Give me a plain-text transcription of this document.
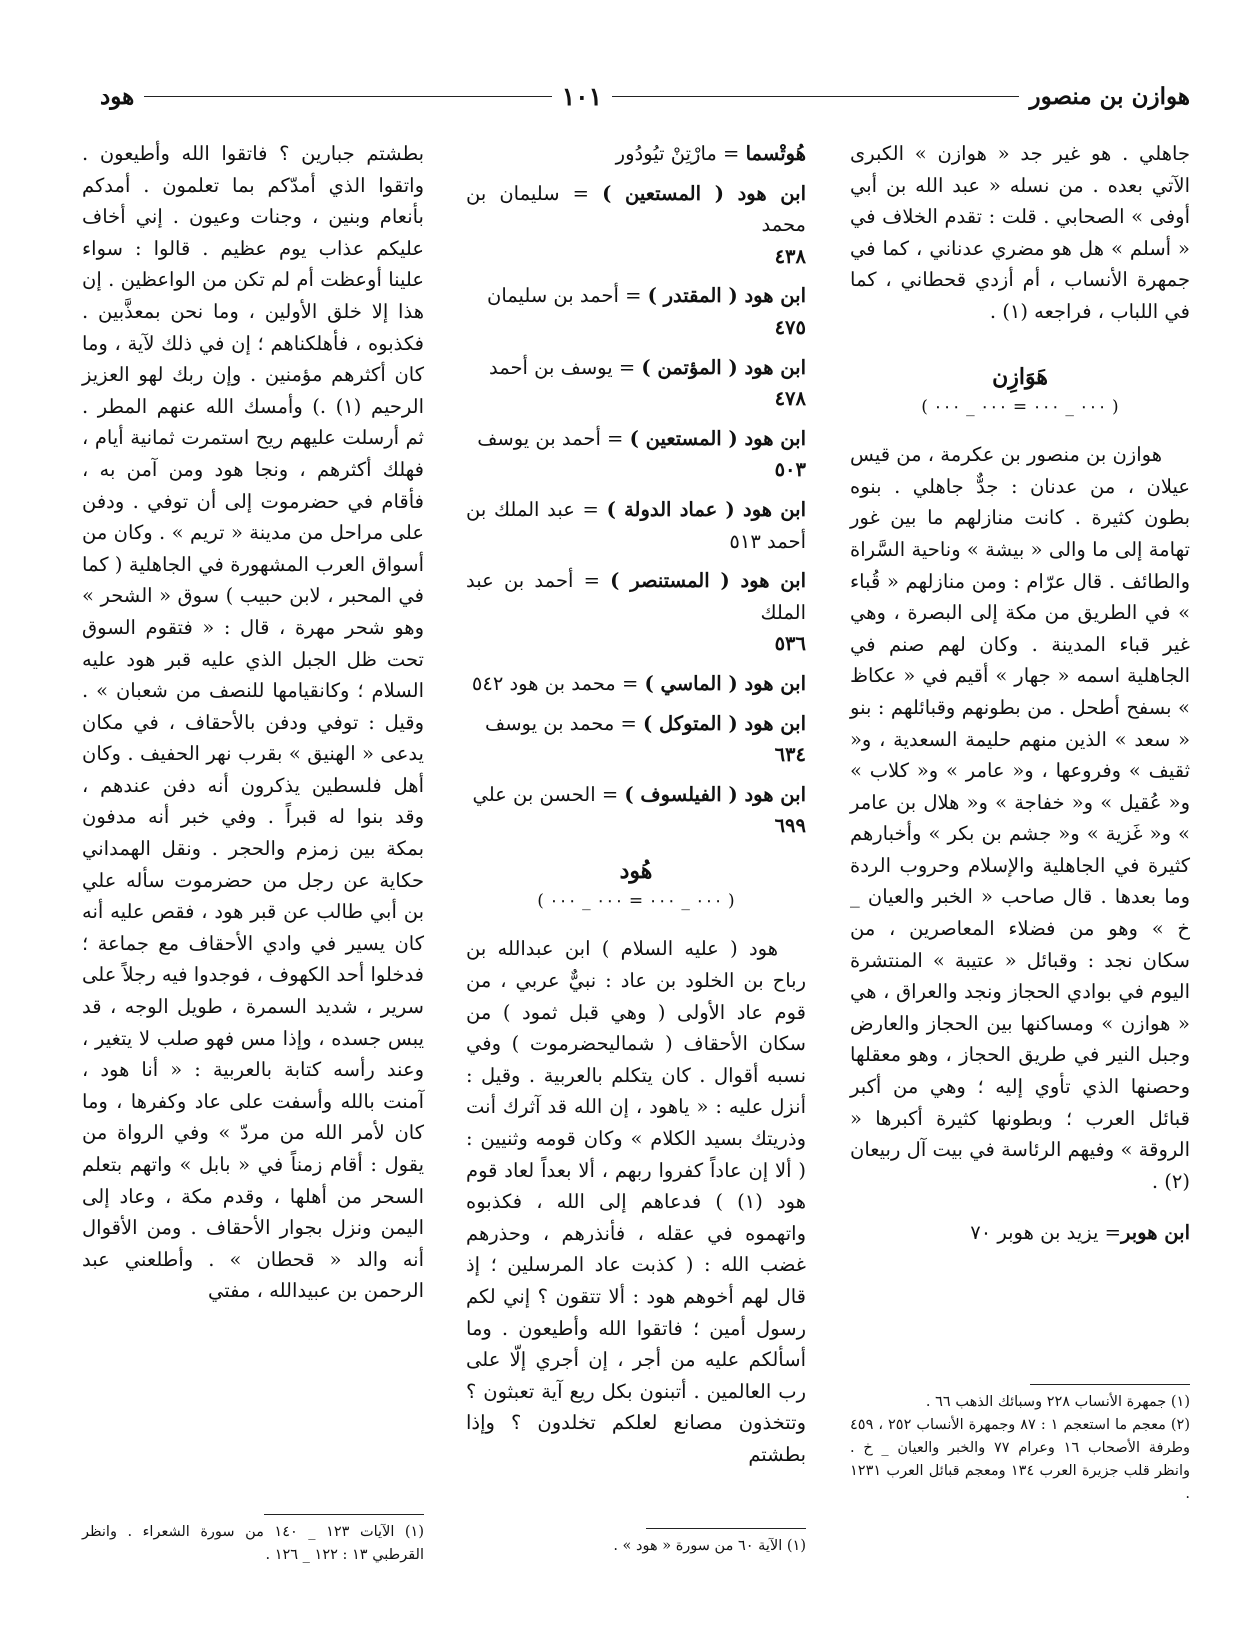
هوازن بن منصور
١٠١
هود

جاهلي . هو غير جد « هوازن » الكبرى الآتي بعده . من نسله « عبد الله بن أبي أوفى » الصحابي . قلت : تقدم الخلاف في « أسلم » هل هو مضري عدناني ، كما في جمهرة الأنساب ، أم أزدي قحطاني ، كما في اللباب ، فراجعه (١) .

هَوَازِن
( ٠٠٠ _ ٠٠٠ = ٠٠٠ _ ٠٠٠ )

هوازن بن منصور بن عكرمة ، من قيس عيلان ، من عدنان : جدٌّ جاهلي . بنوه بطون كثيرة . كانت منازلهم ما بين غور تهامة إلى ما والى « بيشة » وناحية السَّراة والطائف . قال عرّام : ومن منازلهم « قُباء » في الطريق من مكة إلى البصرة ، وهي غير قباء المدينة . وكان لهم صنم في الجاهلية اسمه « جهار » أقيم في « عكاظ » بسفح أطحل . من بطونهم وقبائلهم : بنو « سعد » الذين منهم حليمة السعدية ، و« ثقيف » وفروعها ، و« عامر » و« كلاب » و« عُقيل » و« خفاجة » و« هلال بن عامر » و« غَزية » و« جشم بن بكر » وأخبارهم كثيرة في الجاهلية والإسلام وحروب الردة وما بعدها . قال صاحب « الخبر والعيان _ خ » وهو من فضلاء المعاصرين ، من سكان نجد : وقبائل « عتيبة » المنتشرة اليوم في بوادي الحجاز ونجد والعراق ، هي « هوازن » ومساكنها بين الحجاز والعارض وجبل النير في طريق الحجاز ، وهو معقلها وحصنها الذي تأوي إليه ؛ وهي من أكبر قبائل العرب ؛ وبطونها كثيرة أكبرها « الروقة » وفيهم الرئاسة في بيت آل ربيعان (٢) .

ابن هوبر= يزيد بن هوبر ٧٠

هُوتْسما = مارْتِنْ تيُودُور

ابن هود ( المستعين ) = سليمان بن محمد
٤٣٨

ابن هود ( المقتدر ) = أحمد بن سليمان
٤٧٥

ابن هود ( المؤتمن ) = يوسف بن أحمد
٤٧٨

ابن هود ( المستعين ) = أحمد بن يوسف
٥٠٣

ابن هود ( عماد الدولة ) = عبد الملك بن أحمد ٥١٣

ابن هود ( المستنصر ) = أحمد بن عبد الملك
٥٣٦

ابن هود ( الماسي ) = محمد بن هود ٥٤٢

ابن هود ( المتوكل ) = محمد بن يوسف
٦٣٤

ابن هود ( الفيلسوف ) = الحسن بن علي
٦٩٩

هُود
( ٠٠٠ _ ٠٠٠ = ٠٠٠ _ ٠٠٠ )

هود ( عليه السلام ) ابن عبدالله بن رباح بن الخلود بن عاد : نبيٌّ عربي ، من قوم عاد الأولى ( وهي قبل ثمود ) من سكان الأحقاف ( شماليحضرموت ) وفي نسبه أقوال . كان يتكلم بالعربية . وقيل : أنزل عليه : « ياهود ، إن الله قد آثرك أنت وذريتك بسيد الكلام » وكان قومه وثنيين : ( ألا إن عاداً كفروا ربهم ، ألا بعداً لعاد قوم هود (١) ) فدعاهم إلى الله ، فكذبوه واتهموه في عقله ، فأنذرهم ، وحذرهم غضب الله : ( كذبت عاد المرسلين ؛ إذ قال لهم أخوهم هود : ألا تتقون ؟ إني لكم رسول أمين ؛ فاتقوا الله وأطيعون . وما أسألكم عليه من أجر ، إن أجري إلّا على رب العالمين . أتبنون بكل ريع آية تعبثون ؟ وتتخذون مصانع لعلكم تخلدون ؟ وإذا بطشتم

بطشتم جبارين ؟ فاتقوا الله وأطيعون . واتقوا الذي أمدّكم بما تعلمون . أمدكم بأنعام وبنين ، وجنات وعيون . إني أخاف عليكم عذاب يوم عظيم . قالوا : سواء علينا أوعظت أم لم تكن من الواعظين . إن هذا إلا خلق الأولين ، وما نحن بمعذَّبين . فكذبوه ، فأهلكناهم ؛ إن في ذلك لآية ، وما كان أكثرهم مؤمنين . وإن ربك لهو العزيز الرحيم (١) .) وأمسك الله عنهم المطر . ثم أرسلت عليهم ريح استمرت ثمانية أيام ، فهلك أكثرهم ، ونجا هود ومن آمن به ، فأقام في حضرموت إلى أن توفي . ودفن على مراحل من مدينة « تريم » . وكان من أسواق العرب المشهورة في الجاهلية ( كما في المحبر ، لابن حبيب ) سوق « الشحر » وهو شحر مهرة ، قال : « فتقوم السوق تحت ظل الجبل الذي عليه قبر هود عليه السلام ؛ وكانقيامها للنصف من شعبان » . وقيل : توفي ودفن بالأحقاف ، في مكان يدعى « الهنيق » بقرب نهر الحفيف . وكان أهل فلسطين يذكرون أنه دفن عندهم ، وقد بنوا له قبراً . وفي خبر أنه مدفون بمكة بين زمزم والحجر . ونقل الهمداني حكاية عن رجل من حضرموت سأله علي بن أبي طالب عن قبر هود ، فقص عليه أنه كان يسير في وادي الأحقاف مع جماعة ؛ فدخلوا أحد الكهوف ، فوجدوا فيه رجلاً على سرير ، شديد السمرة ، طويل الوجه ، قد يبس جسده ، وإذا مس فهو صلب لا يتغير ، وعند رأسه كتابة بالعربية : « أنا هود ، آمنت بالله وأسفت على عاد وكفرها ، وما كان لأمر الله من مردّ » وفي الرواة من يقول : أقام زمناً في « بابل » واتهم بتعلم السحر من أهلها ، وقدم مكة ، وعاد إلى اليمن ونزل بجوار الأحقاف . ومن الأقوال أنه والد « قحطان » . وأطلعني عبد الرحمن بن عبيدالله ، مفتي

(١) جمهرة الأنساب ٢٢٨ وسبائك الذهب ٦٦ .

(٢) معجم ما استعجم ١ : ٨٧ وجمهرة الأنساب ٢٥٢ ، ٤٥٩ وطرفة الأصحاب ١٦ وعرام ٧٧ والخبر والعيان _ خ . وانظر قلب جزيرة العرب ١٣٤ ومعجم قبائل العرب ١٢٣١ .

(١) الآية ٦٠ من سورة « هود » .

(١) الآيات ١٢٣ _ ١٤٠ من سورة الشعراء . وانظر القرطبي ١٣ : ١٢٢ _ ١٢٦ .
